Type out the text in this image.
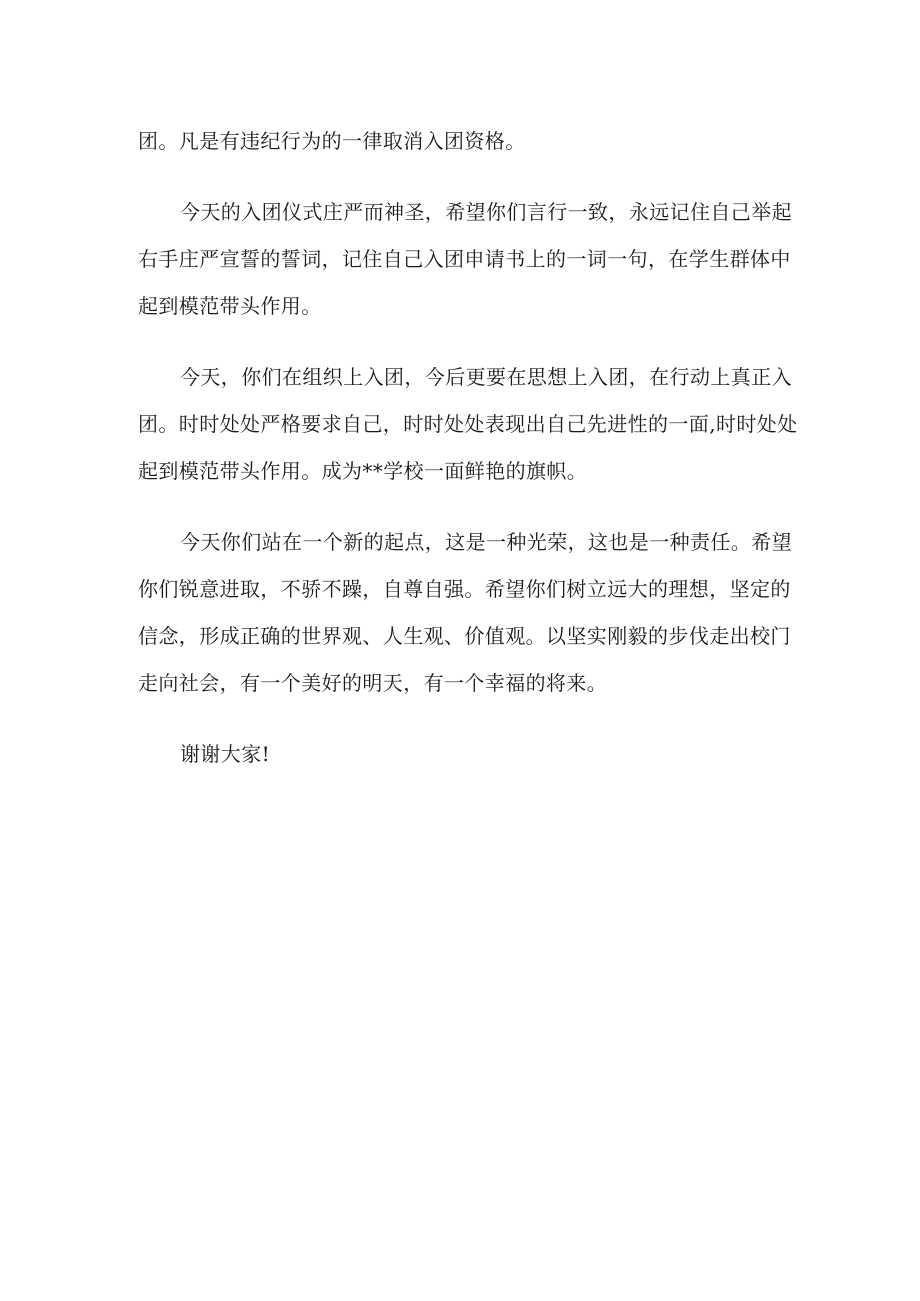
团。凡是有违纪行为的一律取消入团资格。

今天的入团仪式庄严而神圣，希望你们言行一致，永远记住自己举起
右手庄严宣誓的誓词，记住自己入团申请书上的一词一句，在学生群体中
起到模范带头作用。

今天，你们在组织上入团，今后更要在思想上入团，在行动上真正入
团。时时处处严格要求自己，时时处处表现出自己先进性的一面,时时处处
起到模范带头作用。成为**学校一面鲜艳的旗帜。

今天你们站在一个新的起点，这是一种光荣，这也是一种责任。希望
你们锐意进取，不骄不躁，自尊自强。希望你们树立远大的理想，坚定的
信念，形成正确的世界观、人生观、价值观。以坚实刚毅的步伐走出校门
走向社会，有一个美好的明天，有一个幸福的将来。

谢谢大家!
